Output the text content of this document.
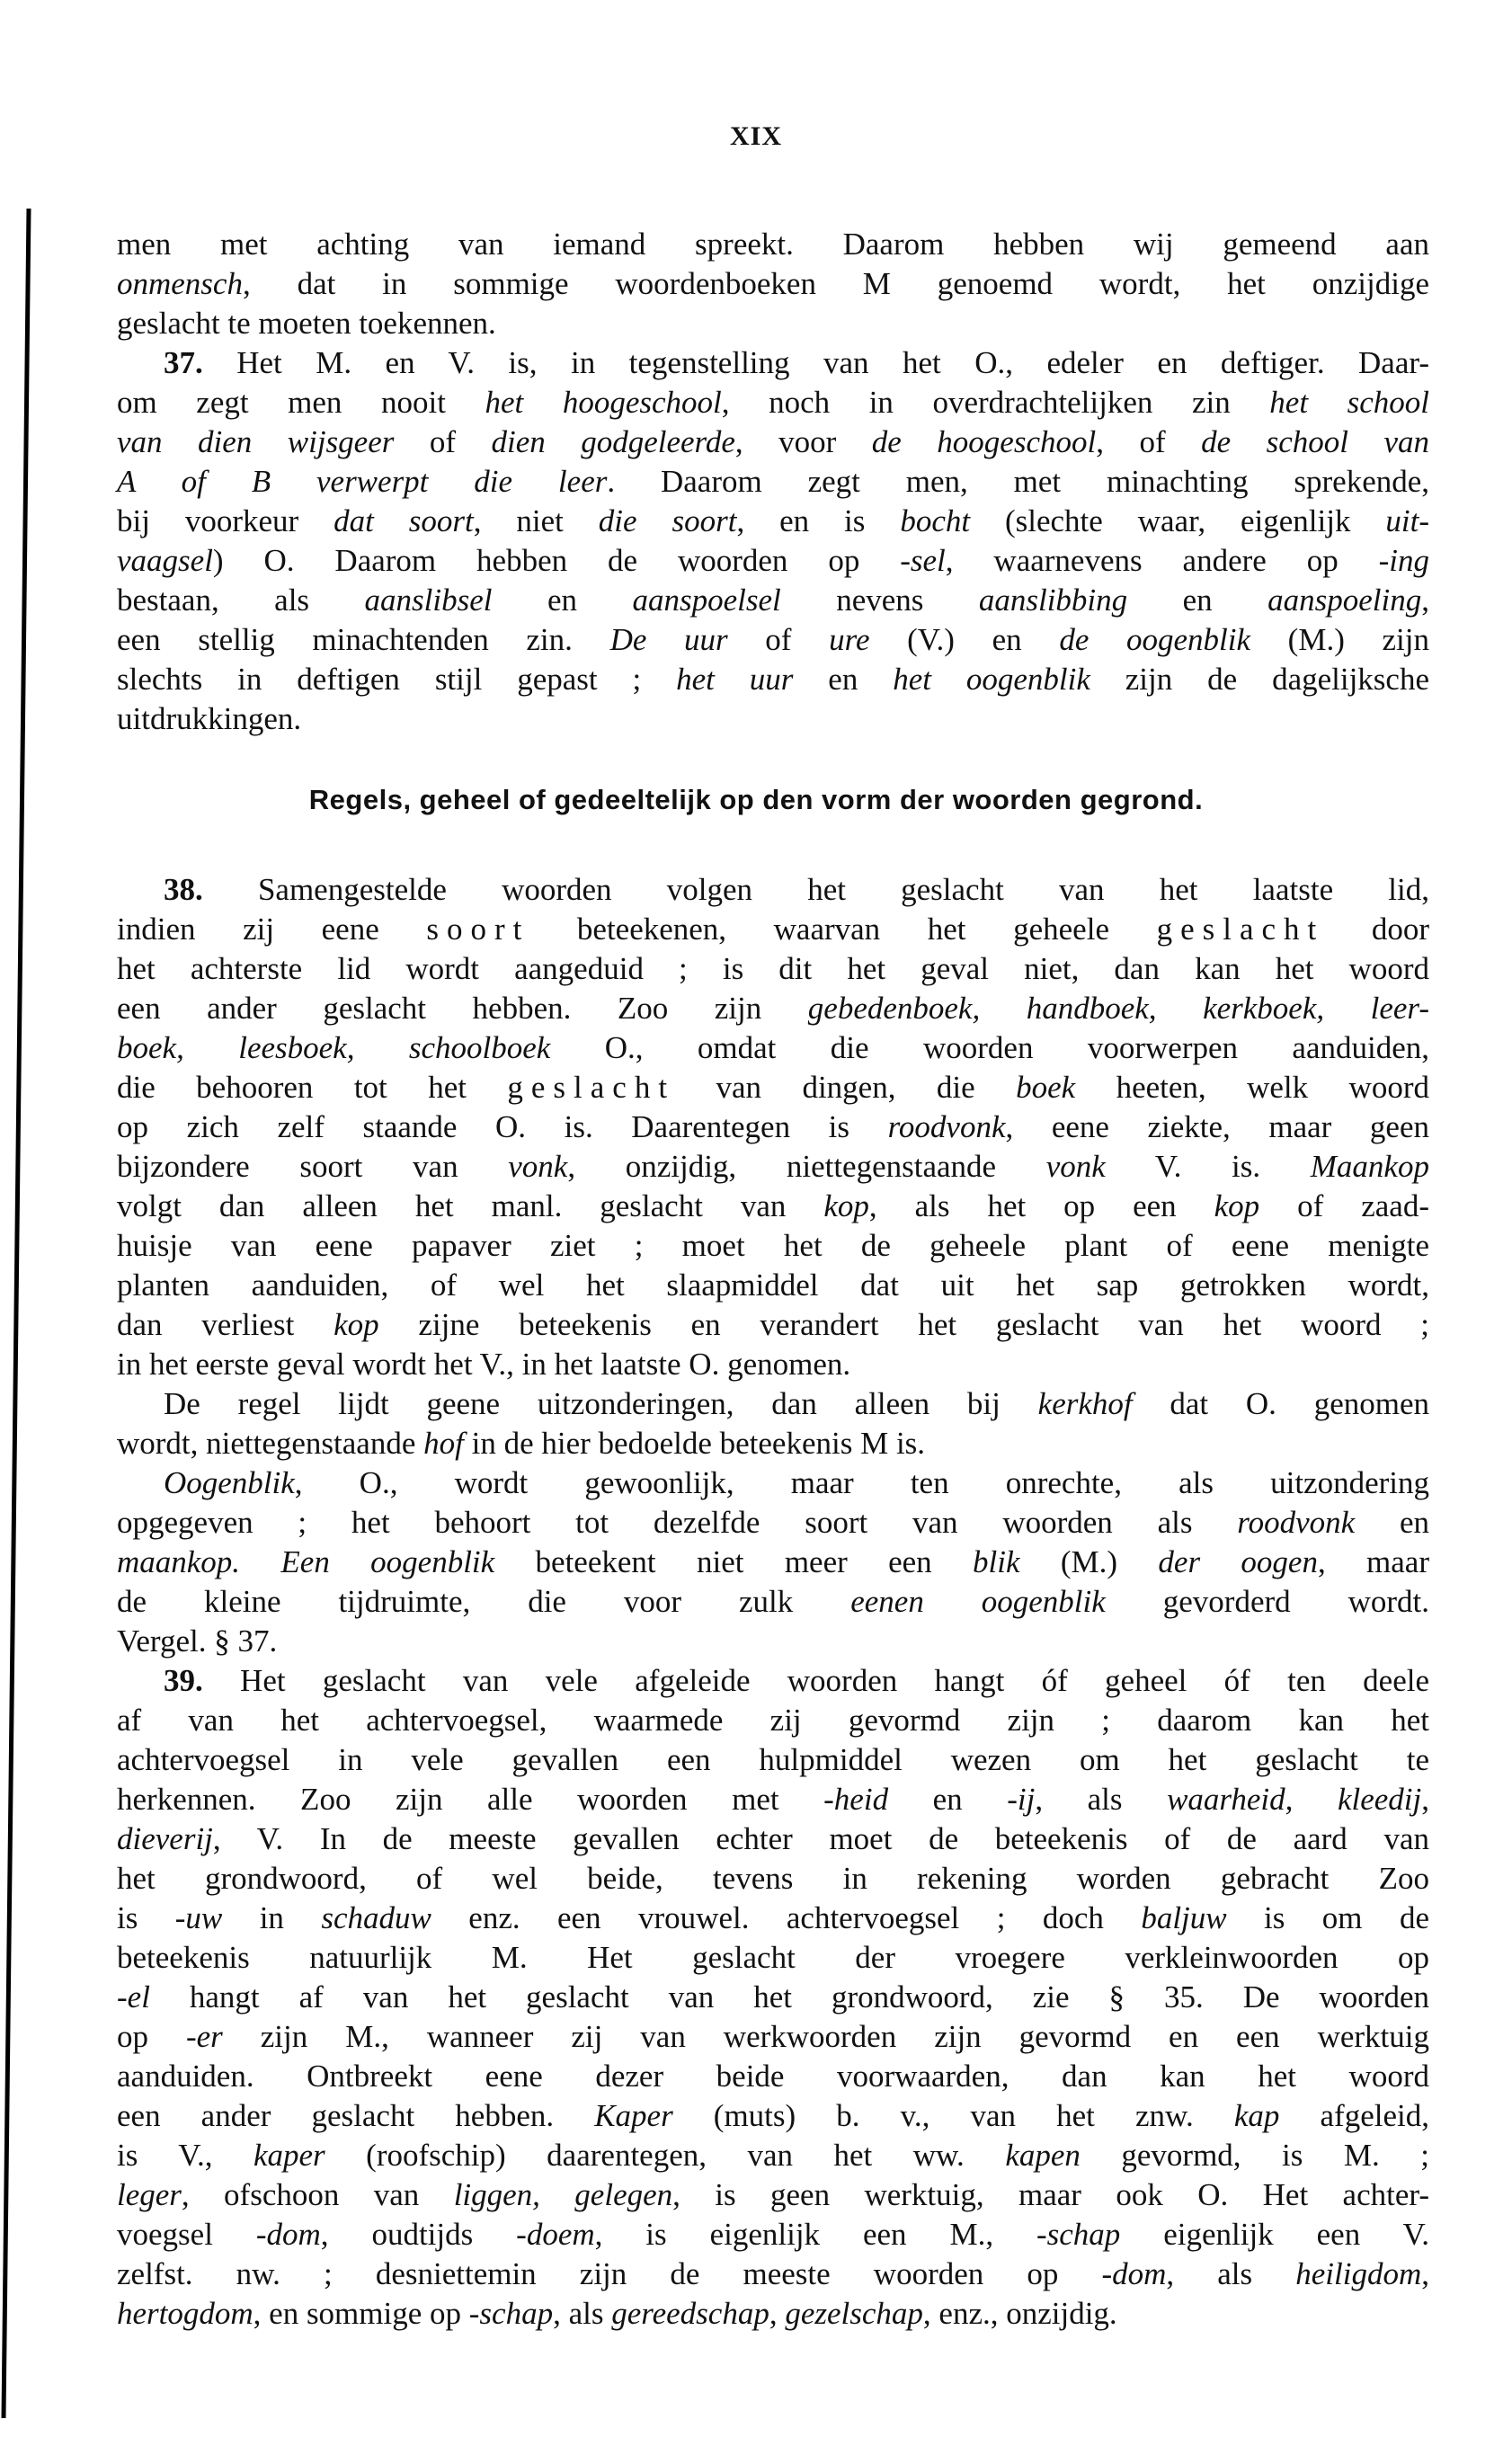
XIX
men met achting van iemand spreekt. Daarom hebben wij gemeend aan
onmensch, dat in sommige woordenboeken M genoemd wordt, het onzijdige
geslacht te moeten toekennen.
37. Het M. en V. is, in tegenstelling van het O., edeler en deftiger. Daar-
om zegt men nooit het hoogeschool, noch in overdrachtelijken zin het school
van dien wijsgeer of dien godgeleerde, voor de hoogeschool, of de school van
A of B verwerpt die leer. Daarom zegt men, met minachting sprekende,
bij voorkeur dat soort, niet die soort, en is bocht (slechte waar, eigenlijk uit-
vaagsel) O. Daarom hebben de woorden op -sel, waarnevens andere op -ing
bestaan, als aanslibsel en aanspoelsel nevens aanslibbing en aanspoeling,
een stellig minachtenden zin. De uur of ure (V.) en de oogenblik (M.) zijn
slechts in deftigen stijl gepast ; het uur en het oogenblik zijn de dagelijksche
uitdrukkingen.
Regels, geheel of gedeeltelijk op den vorm der woorden gegrond.
38. Samengestelde woorden volgen het geslacht van het laatste lid,
indien zij eene soort beteekenen, waarvan het geheele geslacht door
het achterste lid wordt aangeduid ; is dit het geval niet, dan kan het woord
een ander geslacht hebben. Zoo zijn gebedenboek, handboek, kerkboek, leer-
boek, leesboek, schoolboek O., omdat die woorden voorwerpen aanduiden,
die behooren tot het geslacht van dingen, die boek heeten, welk woord
op zich zelf staande O. is. Daarentegen is roodvonk, eene ziekte, maar geen
bijzondere soort van vonk, onzijdig, niettegenstaande vonk V. is. Maankop
volgt dan alleen het manl. geslacht van kop, als het op een kop of zaad-
huisje van eene papaver ziet ; moet het de geheele plant of eene menigte
planten aanduiden, of wel het slaapmiddel dat uit het sap getrokken wordt,
dan verliest kop zijne beteekenis en verandert het geslacht van het woord ;
in het eerste geval wordt het V., in het laatste O. genomen.
De regel lijdt geene uitzonderingen, dan alleen bij kerkhof dat O. genomen
wordt, niettegenstaande hof in de hier bedoelde beteekenis M is.
Oogenblik, O., wordt gewoonlijk, maar ten onrechte, als uitzondering
opgegeven ; het behoort tot dezelfde soort van woorden als roodvonk en
maankop. Een oogenblik beteekent niet meer een blik (M.) der oogen, maar
de kleine tijdruimte, die voor zulk eenen oogenblik gevorderd wordt.
Vergel. § 37.
39. Het geslacht van vele afgeleide woorden hangt óf geheel óf ten deele
af van het achtervoegsel, waarmede zij gevormd zijn ; daarom kan het
achtervoegsel in vele gevallen een hulpmiddel wezen om het geslacht te
herkennen. Zoo zijn alle woorden met -heid en -ij, als waarheid, kleedij,
dieverij, V. In de meeste gevallen echter moet de beteekenis of de aard van
het grondwoord, of wel beide, tevens in rekening worden gebracht Zoo
is -uw in schaduw enz. een vrouwel. achtervoegsel ; doch baljuw is om de
beteekenis natuurlijk M. Het geslacht der vroegere verkleinwoorden op
-el hangt af van het geslacht van het grondwoord, zie § 35. De woorden
op -er zijn M., wanneer zij van werkwoorden zijn gevormd en een werktuig
aanduiden. Ontbreekt eene dezer beide voorwaarden, dan kan het woord
een ander geslacht hebben. Kaper (muts) b. v., van het znw. kap afgeleid,
is V., kaper (roofschip) daarentegen, van het ww. kapen gevormd, is M. ;
leger, ofschoon van liggen, gelegen, is geen werktuig, maar ook O. Het achter-
voegsel -dom, oudtijds -doem, is eigenlijk een M., -schap eigenlijk een V.
zelfst. nw. ; desniettemin zijn de meeste woorden op -dom, als heiligdom,
hertogdom, en sommige op -schap, als gereedschap, gezelschap, enz., onzijdig.
